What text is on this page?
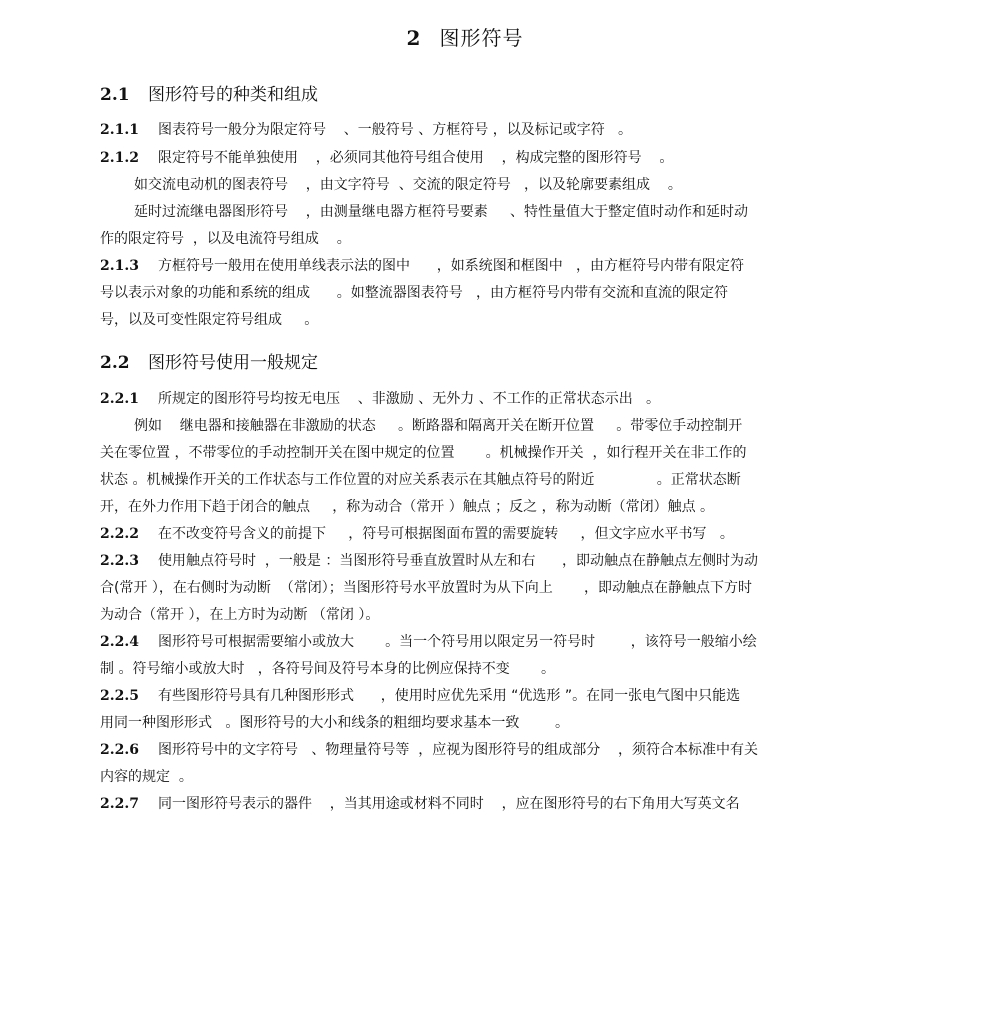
2 图形符号
2.1 图形符号的种类和组成
2.1.1 图表符号一般分为限定符号    、一般符号 、方框符号 ，以及标记或字符   。
2.1.2 限定符号不能单独使用    ，必须同其他符号组合使用    ，构成完整的图形符号    。
如交流电动机的图表符号    ，由文字符号  、交流的限定符号   ，以及轮廓要素组成    。
延时过流继电器图形符号    ，由测量继电器方框符号要素     、特性量值大于整定值时动作和延时动
作的限定符号  ，以及电流符号组成    。
2.1.3 方框符号一般用在使用单线表示法的图中      ，如系统图和框图中   ，由方框符号内带有限定符
号以表示对象的功能和系统的组成      。如整流器图表符号   ，由方框符号内带有交流和直流的限定符
号，以及可变性限定符号组成     。
2.2 图形符号使用一般规定
2.2.1 所规定的图形符号均按无电压    、非激励 、无外力 、不工作的正常状态示出   。
例如    继电器和接触器在非激励的状态     。断路器和隔离开关在断开位置     。带零位手动控制开
关在零位置 ，不带零位的手动控制开关在图中规定的位置       。机械操作开关  ，如行程开关在非工作的
状态 。机械操作开关的工作状态与工作位置的对应关系表示在其触点符号的附近              。正常状态断
开，在外力作用下趋于闭合的触点     ，称为动合（常开 ）触点 ；反之 ，称为动断（常闭）触点 。
2.2.2 在不改变符号含义的前提下     ，符号可根据图面布置的需要旋转     ，但文字应水平书写   。
2.2.3 使用触点符号时  ，一般是 ：当图形符号垂直放置时从左和右      ，即动触点在静触点左侧时为动
合(常开 ），在右侧时为动断  （常闭）；当图形符号水平放置时为从下向上       ，即动触点在静触点下方时
为动合（常开 ），在上方时为动断 （常闭 ）。
2.2.4 图形符号可根据需要缩小或放大       。当一个符号用以限定另一符号时        ，该符号一般缩小绘
制 。符号缩小或放大时   ，各符号间及符号本身的比例应保持不变       。
2.2.5 有些图形符号具有几种图形形式      ，使用时应优先采用 “优选形 ”。在同一张电气图中只能选
用同一种图形形式   。图形符号的大小和线条的粗细均要求基本一致        。
2.2.6 图形符号中的文字符号   、物理量符号等  ，应视为图形符号的组成部分    ，须符合本标准中有关
内容的规定  。
2.2.7 同一图形符号表示的器件    ，当其用途或材料不同时    ，应在图形符号的右下角用大写英文名
